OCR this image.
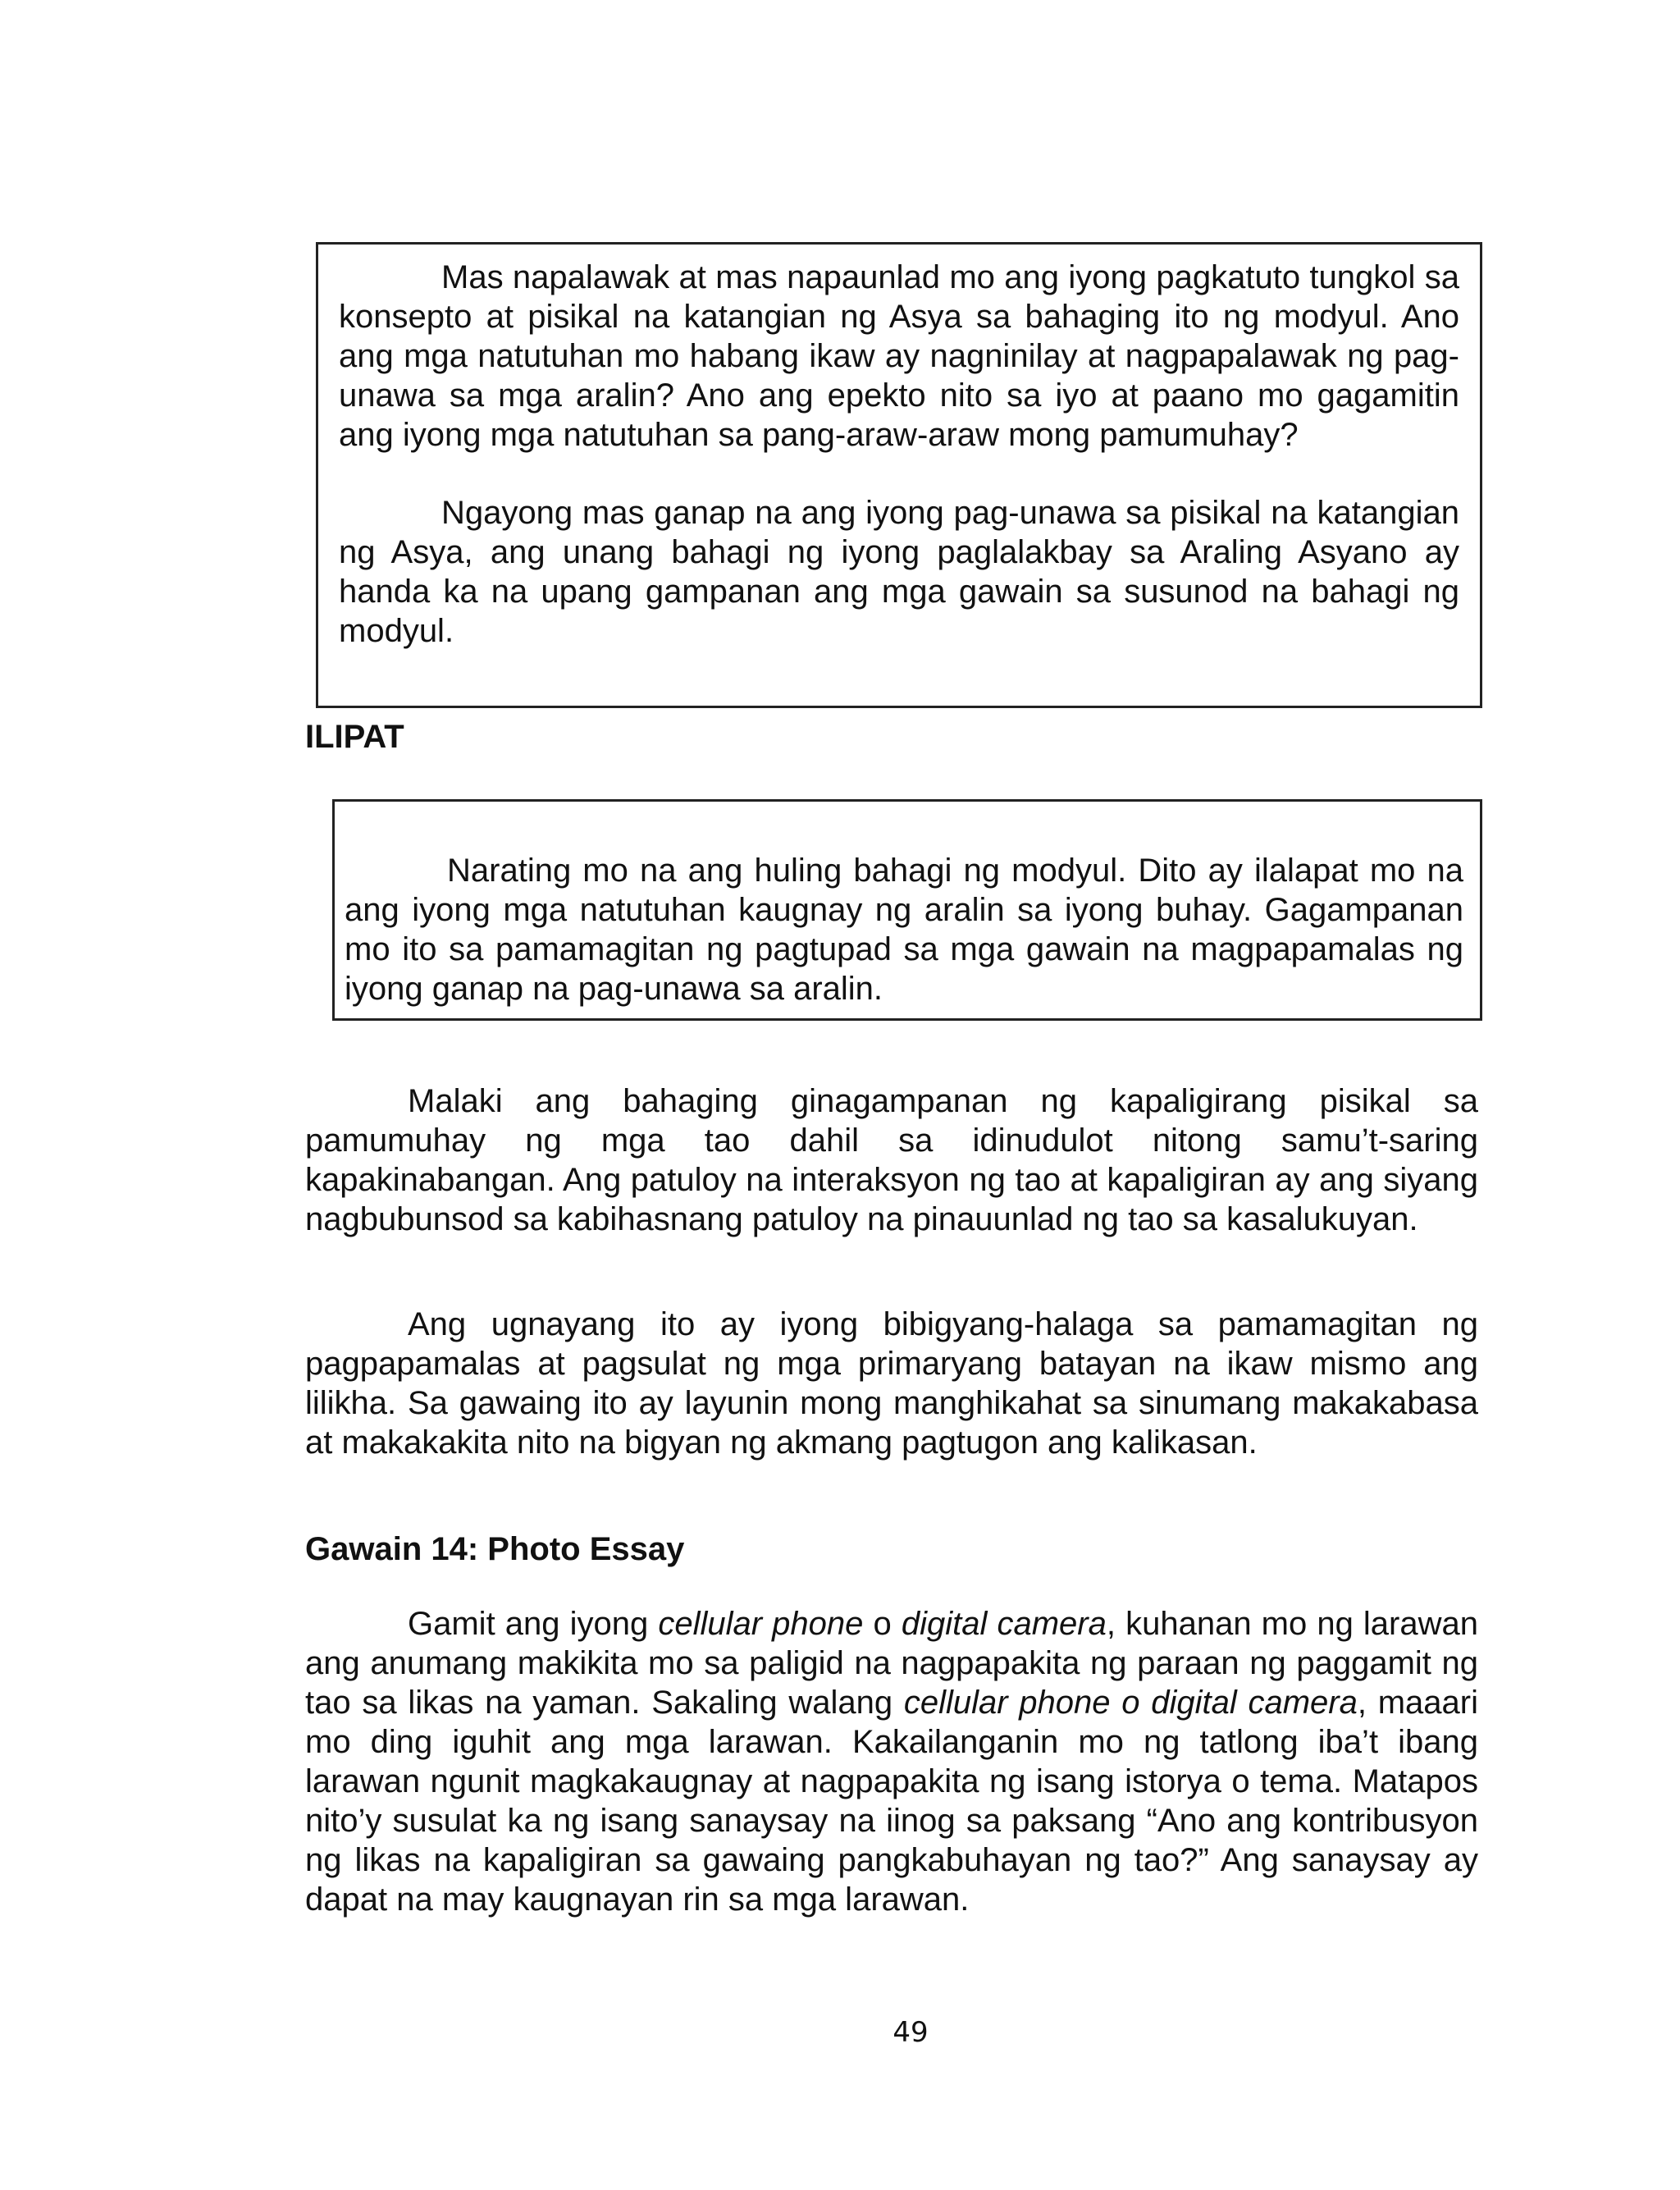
Mas napalawak at mas napaunlad mo ang iyong pagkatuto tungkol sa konsepto at pisikal na katangian ng Asya sa bahaging ito ng modyul. Ano ang mga natutuhan mo habang ikaw ay nagninilay at nagpapalawak ng pag-unawa sa mga aralin? Ano ang epekto nito sa iyo at paano mo gagamitin ang iyong mga natutuhan sa pang-araw-araw mong pamumuhay?

Ngayong mas ganap na ang iyong pag-unawa sa pisikal na katangian ng Asya, ang unang bahagi ng iyong paglalakbay sa Araling Asyano ay handa ka na upang gampanan ang mga gawain sa susunod na bahagi ng modyul.

ILIPAT

Narating mo na ang huling bahagi ng modyul. Dito ay ilalapat mo na ang iyong mga natutuhan kaugnay ng aralin sa iyong buhay. Gagampanan mo ito sa pamamagitan ng pagtupad sa mga gawain na magpapamalas ng iyong ganap na pag-unawa sa aralin.

Malaki ang bahaging ginagampanan ng kapaligirang pisikal sa pamumuhay ng mga tao dahil sa idinudulot nitong samu’t-saring kapakinabangan. Ang patuloy na interaksyon ng tao at kapaligiran ay ang siyang nagbubunsod sa kabihasnang patuloy na pinauunlad ng tao sa kasalukuyan.

Ang ugnayang ito ay iyong bibigyang-halaga sa pamamagitan ng pagpapamalas at pagsulat ng mga primaryang batayan na ikaw mismo ang lilikha. Sa gawaing ito ay layunin mong manghikahat sa sinumang makakabasa at makakakita nito na bigyan ng akmang pagtugon ang kalikasan.

Gawain 14: Photo Essay

Gamit ang iyong cellular phone o digital camera, kuhanan mo ng larawan ang anumang makikita mo sa paligid na nagpapakita ng paraan ng paggamit ng tao sa likas na yaman. Sakaling walang cellular phone o digital camera, maaari mo ding iguhit ang mga larawan. Kakailanganin mo ng tatlong iba’t ibang larawan ngunit magkakaugnay at nagpapakita ng isang istorya o tema. Matapos nito’y susulat ka ng isang sanaysay na iinog sa paksang “Ano ang kontribusyon ng likas na kapaligiran sa gawaing pangkabuhayan ng tao?” Ang sanaysay ay dapat na may kaugnayan rin sa mga larawan.

49
